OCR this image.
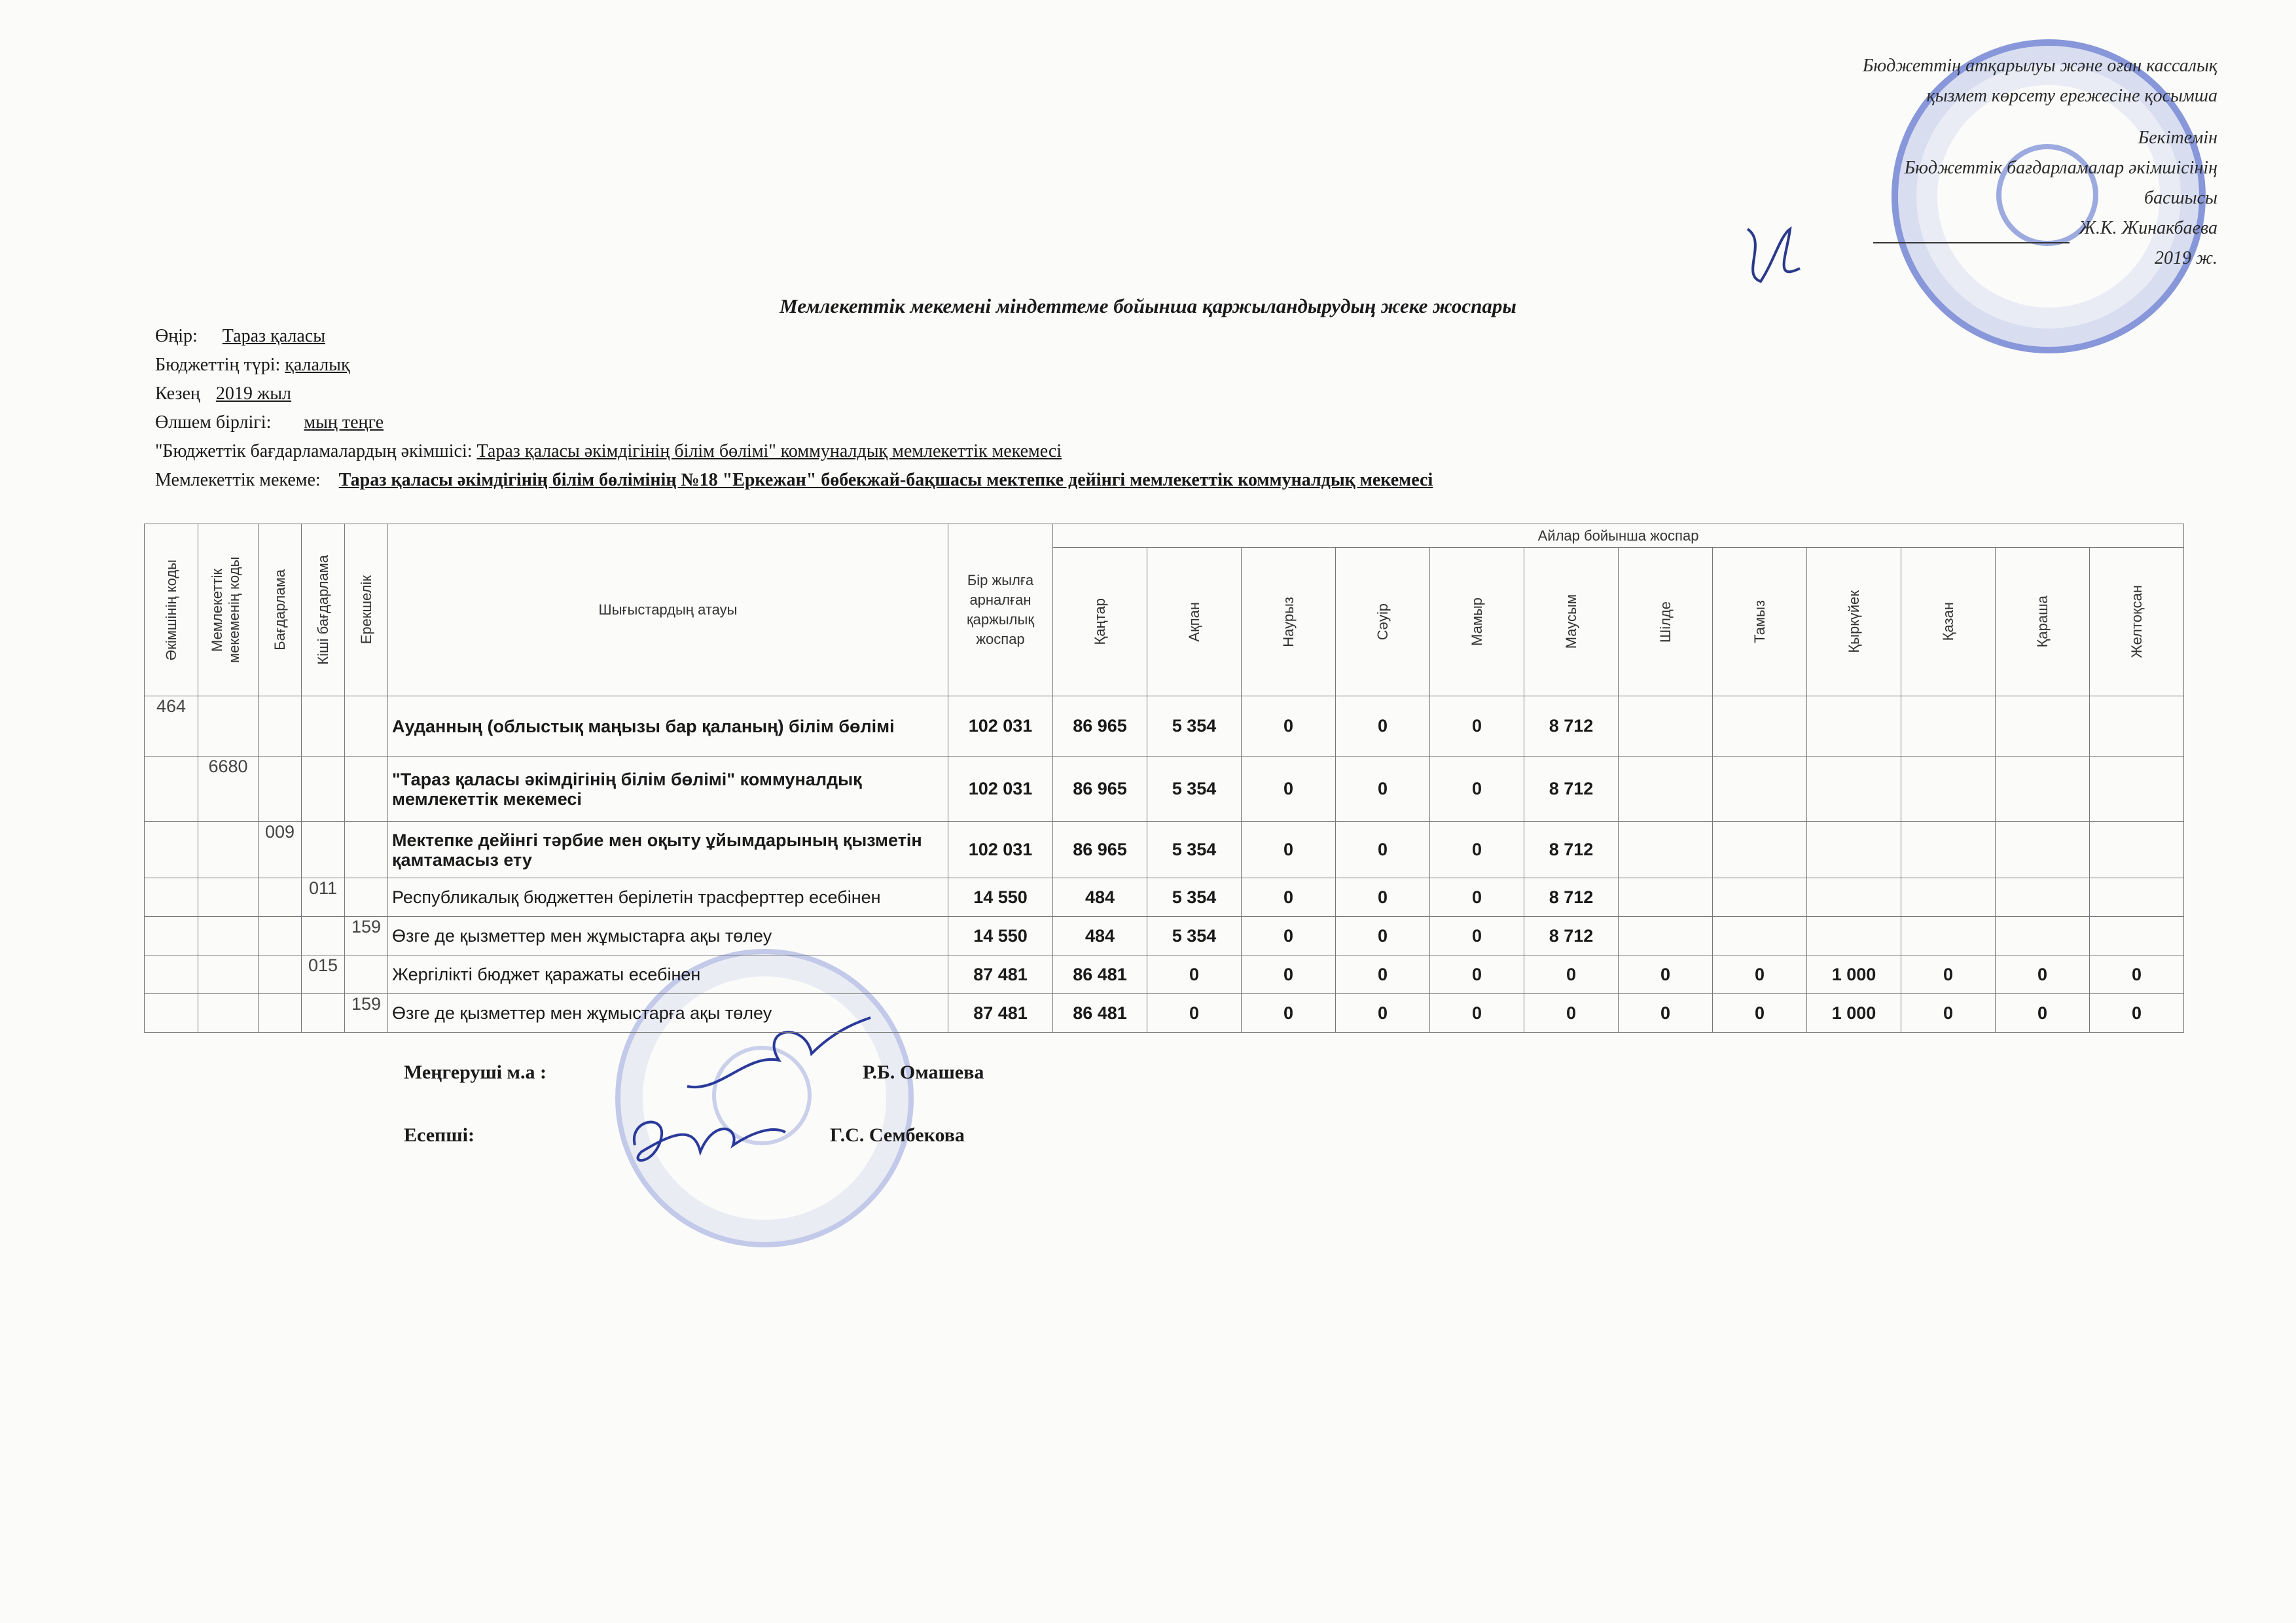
Бюджеттің атқарылуы және оған кассалық
қызмет көрсету ережесіне қосымша
Бекітемін
Бюджеттік бағдарламалар әкімшісінің
басшысы
Ж.К. Жинакбаева
2019 ж.
Мемлекеттік мекемені міндеттеме бойынша қаржыландырудың жеке жоспары
Өңір: Тараз қаласы
Бюджеттің түрі: қалалық
Кезең 2019 жыл
Өлшем бірлігі: мың теңге
"Бюджеттік бағдарламалардың әкімшісі: Тараз қаласы әкімдігінің білім бөлімі" коммуналдық мемлекеттік мекемесі
Мемлекеттік мекеме: Тараз қаласы әкімдігінің білім бөлімінің №18 "Еркежан" бөбекжай-бақшасы мектепке дейінгі мемлекеттік коммуналдық мекемесі
Әкімшінің коды	Мемлекеттік мекеменің коды	Бағдарлама	Кіші бағдарлама	Ерекшелік	Шығыстардың атауы	Бір жылға арналған қаржылық жоспар	Айлар бойынша жоспар											

							Қаңтар	Ақпан	Наурыз	Сәуір	Мамыр	Маусым	Шілде	Тамыз	Қыркүйек	Қазан	Қараша	Желтоқсан

464					Ауданның (облыстық маңызы бар қаланың) білім бөлімі	102 031	86 965	5 354	0	0	0	8 712						
	6680				"Тараз қаласы әкімдігінің білім бөлімі" коммуналдық мемлекеттік мекемесі	102 031	86 965	5 354	0	0	0	8 712						
		009			Мектепке дейінгі тәрбие мен оқыту ұйымдарының қызметін қамтамасыз ету	102 031	86 965	5 354	0	0	0	8 712						
			011		Республикалық бюджеттен берілетін трасферттер есебінен	14 550	484	5 354	0	0	0	8 712						
				159	Өзге де қызметтер мен жұмыстарға ақы төлеу	14 550	484	5 354	0	0	0	8 712						
			015		Жергілікті бюджет қаражаты есебінен	87 481	86 481	0	0	0	0	0	0	0	1 000	0	0	0
				159	Өзге де қызметтер мен жұмыстарға ақы төлеу	87 481	86 481	0	0	0	0	0	0	0	1 000	0	0	0
Меңгеруші м.а :	Р.Б. Омашева
Есепші:	Г.С. Сембекова
